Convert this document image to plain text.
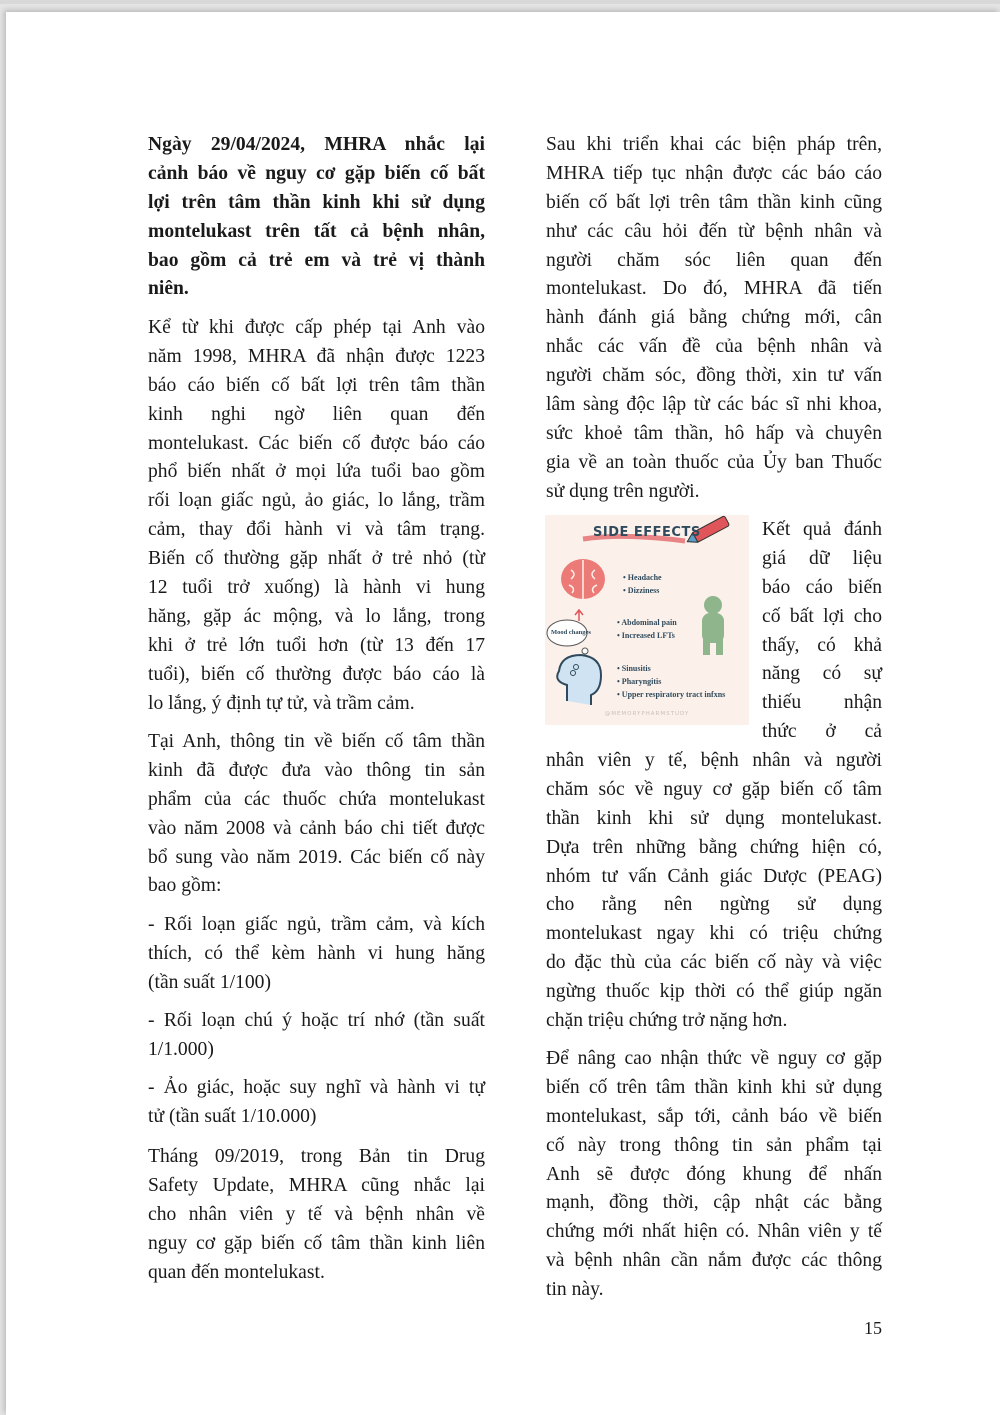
Ngày 29/04/2024, MHRA nhắc lại
cảnh báo về nguy cơ gặp biến cố bất
lợi trên tâm thần kinh khi sử dụng
montelukast trên tất cả bệnh nhân,
bao gồm cả trẻ em và trẻ vị thành
niên.
Kể từ khi được cấp phép tại Anh vào
năm 1998, MHRA đã nhận được 1223
báo cáo biến cố bất lợi trên tâm thần
kinh nghi ngờ liên quan đến
montelukast. Các biến cố được báo cáo
phổ biến nhất ở mọi lứa tuổi bao gồm
rối loạn giấc ngủ, ảo giác, lo lắng, trầm
cảm, thay đổi hành vi và tâm trạng.
Biến cố thường gặp nhất ở trẻ nhỏ (từ
12 tuổi trở xuống) là hành vi hung
hăng, gặp ác mộng, và lo lắng, trong
khi ở trẻ lớn tuổi hơn (từ 13 đến 17
tuổi), biến cố thường được báo cáo là
lo lắng, ý định tự tử, và trầm cảm.
Tại Anh, thông tin về biến cố tâm thần
kinh đã được đưa vào thông tin sản
phẩm của các thuốc chứa montelukast
vào năm 2008 và cảnh báo chi tiết được
bổ sung vào năm 2019. Các biến cố này
bao gồm:
- Rối loạn giấc ngủ, trầm cảm, và kích
thích, có thể kèm hành vi hung hăng
(tần suất 1/100)
- Rối loạn chú ý hoặc trí nhớ (tần suất
1/1.000)
- Ảo giác, hoặc suy nghĩ và hành vi tự
tử (tần suất 1/10.000)
Tháng 09/2019, trong Bản tin Drug
Safety Update, MHRA cũng nhắc lại
cho nhân viên y tế và bệnh nhân về
nguy cơ gặp biến cố tâm thần kinh liên
quan đến montelukast.
Sau khi triển khai các biện pháp trên,
MHRA tiếp tục nhận được các báo cáo
biến cố bất lợi trên tâm thần kinh cũng
như các câu hỏi đến từ bệnh nhân và
người chăm sóc liên quan đến
montelukast. Do đó, MHRA đã tiến
hành đánh giá bằng chứng mới, cân
nhắc các vấn đề của bệnh nhân và
người chăm sóc, đồng thời, xin tư vấn
lâm sàng độc lập từ các bác sĩ nhi khoa,
sức khoẻ tâm thần, hô hấp và chuyên
gia về an toàn thuốc của Ủy ban Thuốc
sử dụng trên người.
Kết quả đánh
giá dữ liệu
báo cáo biến
cố bất lợi cho
thấy, có khả
năng có sự
thiếu nhận
thức ở cả
nhân viên y tế, bệnh nhân và người
chăm sóc về nguy cơ gặp biến cố tâm
thần kinh khi sử dụng montelukast.
Dựa trên những bằng chứng hiện có,
nhóm tư vấn Cảnh giác Dược (PEAG)
cho rằng nên ngừng sử dụng
montelukast ngay khi có triệu chứng
do đặc thù của các biến cố này và việc
ngừng thuốc kịp thời có thể giúp ngăn
chặn triệu chứng trở nặng hơn.
Để nâng cao nhận thức về nguy cơ gặp
biến cố trên tâm thần kinh khi sử dụng
montelukast, sắp tới, cảnh báo về biến
cố này trong thông tin sản phẩm tại
Anh sẽ được đóng khung để nhấn
mạnh, đồng thời, cập nhật các bằng
chứng mới nhất hiện có. Nhân viên y tế
và bệnh nhân cần nắm được các thông
tin này.
SIDE EFFECTS
• Headache
• Dizziness
Mood changes
• Abdominal pain
• Increased LFTs
• Sinusitis
• Pharyngitis
• Upper respiratory tract infxns
@MEMORYPHARMSTUDY
15
